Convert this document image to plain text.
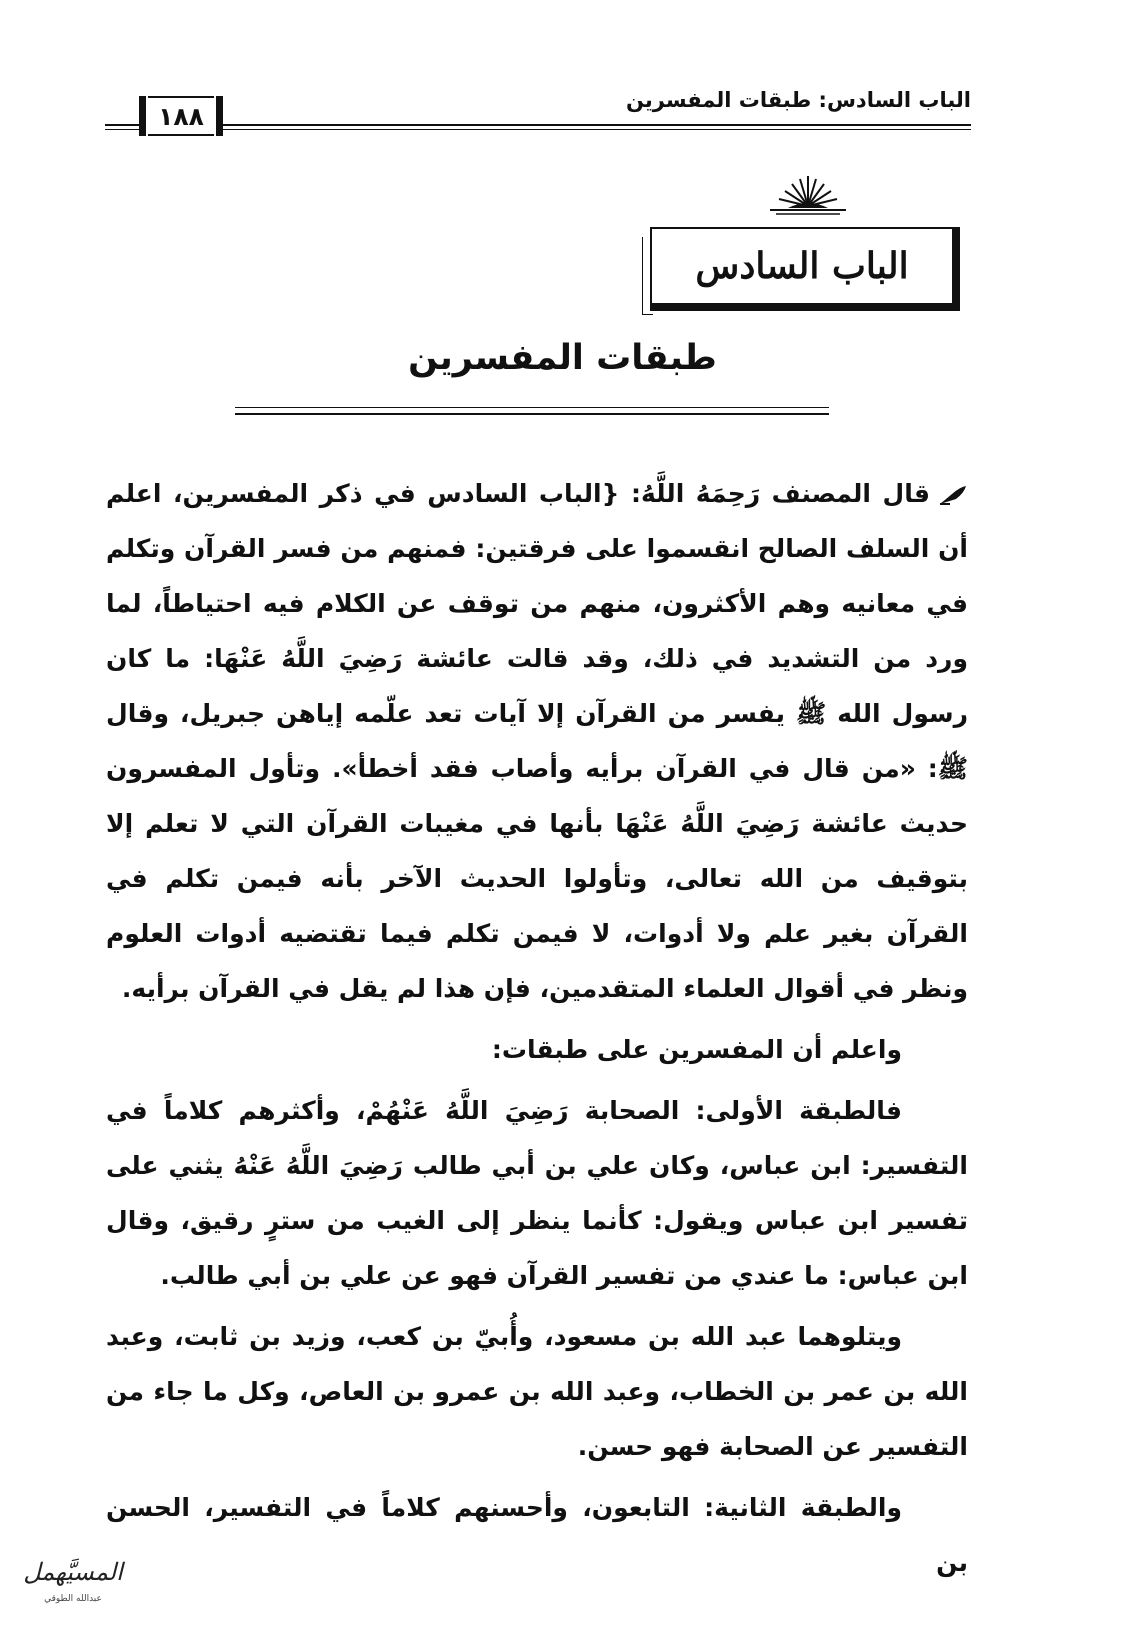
الباب السادس: طبقات المفسرين
١٨٨
الباب السادس
طبقات المفسرين

قال المصنف رَحِمَهُ اللَّهُ: {الباب السادس في ذكر المفسرين، اعلم أن السلف الصالح انقسموا على فرقتين: فمنهم من فسر القرآن وتكلم في معانيه وهم الأكثرون، منهم من توقف عن الكلام فيه احتياطاً، لما ورد من التشديد في ذلك، وقد قالت عائشة رَضِيَ اللَّهُ عَنْهَا: ما كان رسول الله ﷺ يفسر من القرآن إلا آيات تعد علّمه إياهن جبريل، وقال ﷺ: «من قال في القرآن برأيه وأصاب فقد أخطأ». وتأول المفسرون حديث عائشة رَضِيَ اللَّهُ عَنْهَا بأنها في مغيبات القرآن التي لا تعلم إلا بتوقيف من الله تعالى، وتأولوا الحديث الآخر بأنه فيمن تكلم في القرآن بغير علم ولا أدوات، لا فيمن تكلم فيما تقتضيه أدوات العلوم ونظر في أقوال العلماء المتقدمين، فإن هذا لم يقل في القرآن برأيه.

واعلم أن المفسرين على طبقات:

فالطبقة الأولى: الصحابة رَضِيَ اللَّهُ عَنْهُمْ، وأكثرهم كلاماً في التفسير: ابن عباس، وكان علي بن أبي طالب رَضِيَ اللَّهُ عَنْهُ يثني على تفسير ابن عباس ويقول: كأنما ينظر إلى الغيب من سترٍ رقيق، وقال ابن عباس: ما عندي من تفسير القرآن فهو عن علي بن أبي طالب.

ويتلوهما عبد الله بن مسعود، وأُبيّ بن كعب، وزيد بن ثابت، وعبد الله بن عمر بن الخطاب، وعبد الله بن عمرو بن العاص، وكل ما جاء من التفسير عن الصحابة فهو حسن.

والطبقة الثانية: التابعون، وأحسنهم كلاماً في التفسير، الحسن بن

المسيَّهمل
عبدالله الطوقي
